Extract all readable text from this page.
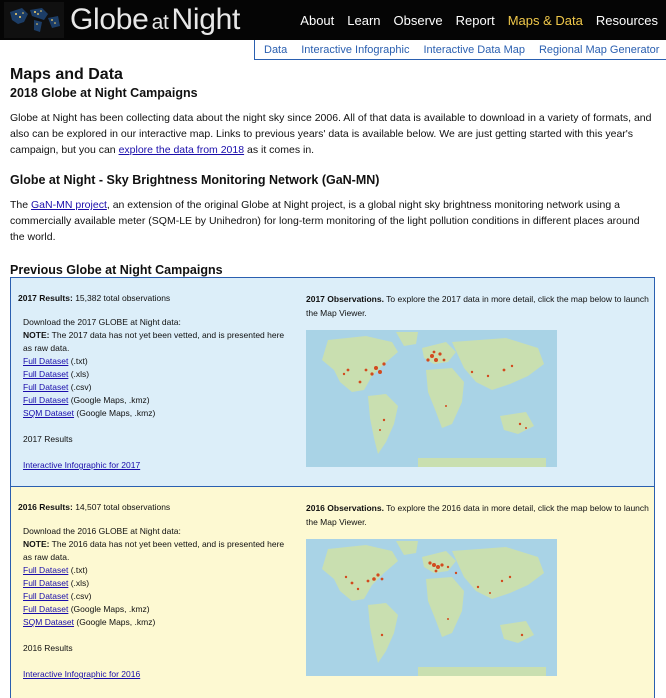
Globe at Night	About Learn Observe Report Maps & Data Resources
Data Interactive Infographic Interactive Data Map Regional Map Generator
Maps and Data
2018 Globe at Night Campaigns

Globe at Night has been collecting data about the night sky since 2006. All of that data is available to download in a variety of formats, and also can be explored in our interactive map. Links to previous years' data is available below. We are just getting started with this year's campaign, but you can explore the data from 2018 as it comes in.

Globe at Night - Sky Brightness Monitoring Network (GaN-MN)

The GaN-MN project, an extension of the original Globe at Night project, is a global night sky brightness monitoring network using a commercially available meter (SQM-LE by Unihedron) for long-term monitoring of the light pollution conditions in different places around the world.

Previous Globe at Night Campaigns
2017 Results: 15,382 total observations
Download the 2017 GLOBE at Night data:
NOTE: The 2017 data has not yet been vetted, and is presented here as raw data.
Full Dataset (.txt)
Full Dataset (.xls)
Full Dataset (.csv)
Full Dataset (Google Maps, .kmz)
SQM Dataset (Google Maps, .kmz)
2017 Results
Interactive Infographic for 2017
2017 Observations. To explore the 2017 data in more detail, click the map below to launch the Map Viewer.
2016 Results: 14,507 total observations
Download the 2016 GLOBE at Night data:
NOTE: The 2016 data has not yet been vetted, and is presented here as raw data.
Full Dataset (.txt)
Full Dataset (.xls)
Full Dataset (.csv)
Full Dataset (Google Maps, .kmz)
SQM Dataset (Google Maps, .kmz)
2016 Results
Interactive Infographic for 2016
2016 Observations. To explore the 2016 data in more detail, click the map below to launch the Map Viewer.
